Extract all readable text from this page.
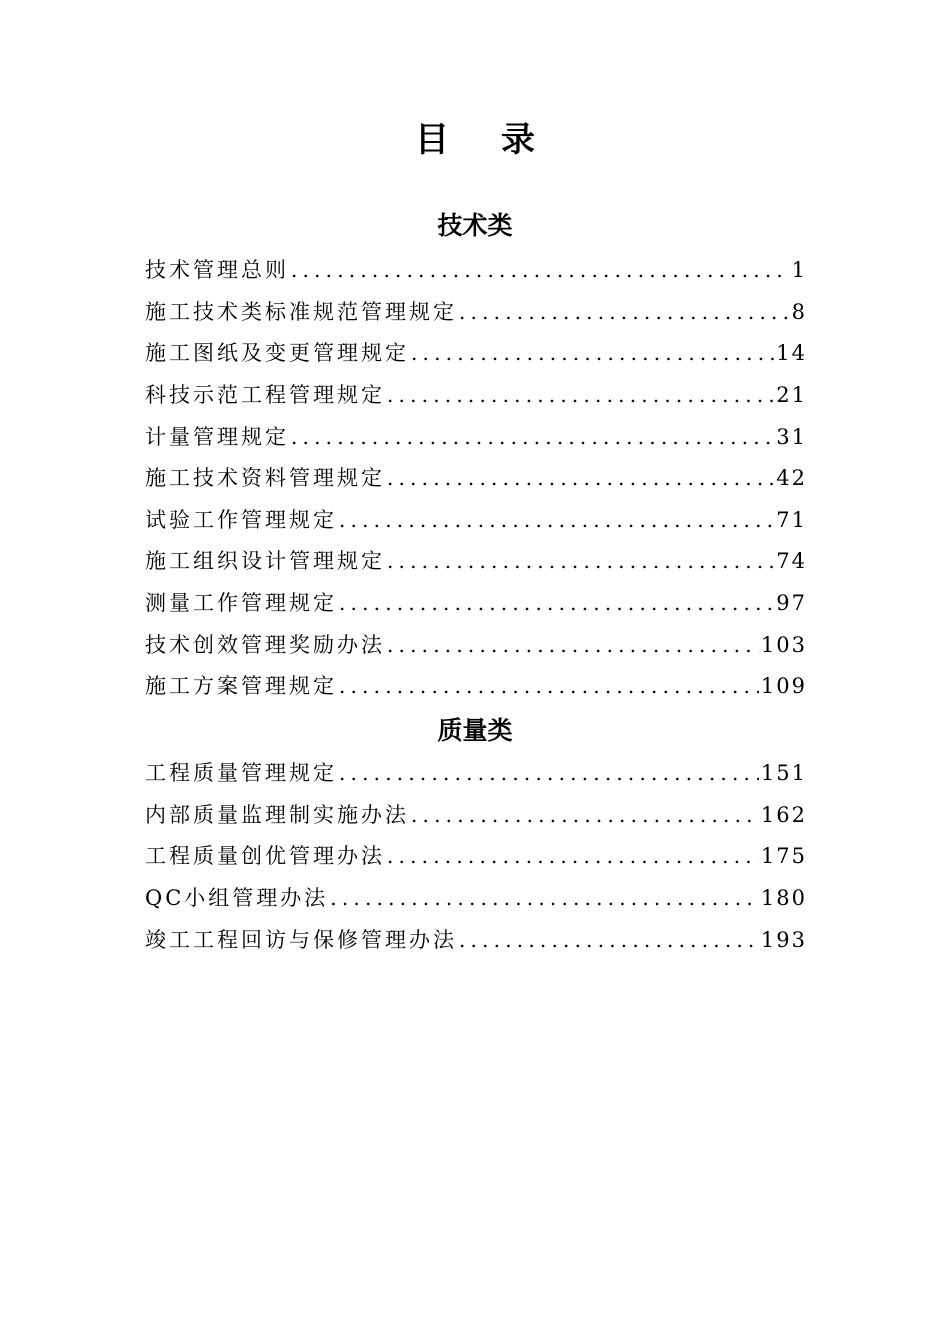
目 录
技术类
技术管理总则 .....	1
施工技术类标准规范管理规定 .....	8
施工图纸及变更管理规定 .....	14
科技示范工程管理规定 .....	21
计量管理规定 .....	31
施工技术资料管理规定 .....	42
试验工作管理规定 .....	71
施工组织设计管理规定 .....	74
测量工作管理规定 .....	97
技术创效管理奖励办法 .....	103
施工方案管理规定 .....	109
质量类
工程质量管理规定 .....	151
内部质量监理制实施办法 .....	162
工程质量创优管理办法 .....	175
QC小组管理办法 .....	180
竣工工程回访与保修管理办法 .....	193
